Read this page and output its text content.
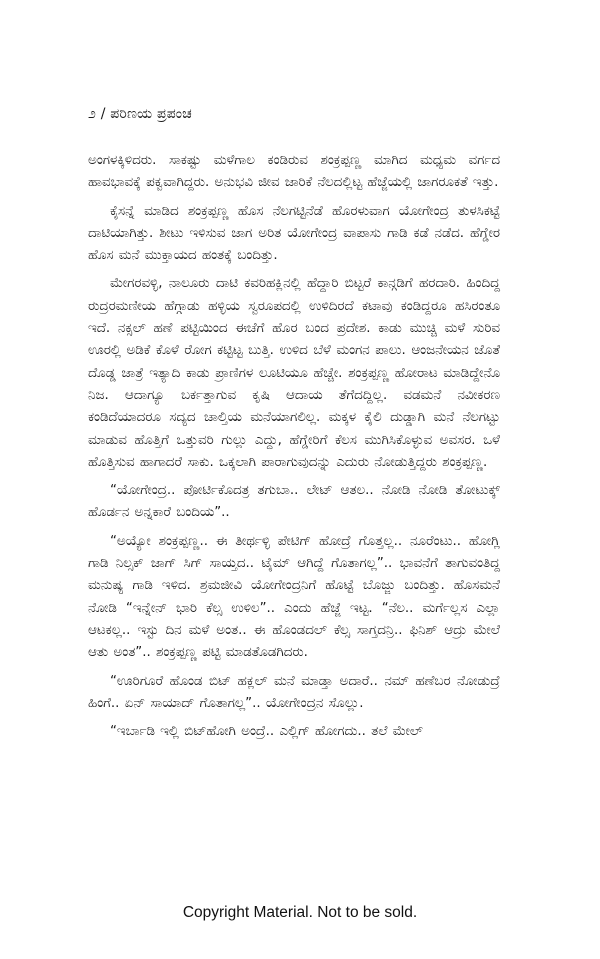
೨ / ಪರಿಣಯ ಪ್ರಪಂಚ

ಅಂಗಳಕ್ಕಿಳಿದರು. ಸಾಕಷ್ಟು ಮಳೆಗಾಲ ಕಂಡಿರುವ ಶಂಕ್ರಪ್ಪಣ್ಣ ಮಾಗಿದ ಮಧ್ಯಮ ವರ್ಗದ ಹಾವಭಾವಕ್ಕೆ ಪಕ್ವವಾಗಿದ್ದರು. ಅನುಭವಿ ಜೀವ ಜಾರಿಕೆ ನೆಲದಲ್ಲಿಟ್ಟ ಹೆಜ್ಜೆಯಲ್ಲಿ ಜಾಗರೂಕತೆ ಇತ್ತು.

ಕೈಸನ್ನೆ ಮಾಡಿದ ಶಂಕ್ರಪ್ಪಣ್ಣ ಹೊಸ ನೆಲಗಟ್ಟಿನೆಡೆ ಹೊರಳುವಾಗ ಯೋಗೇಂದ್ರ ತುಳಸಿಕಟ್ಟೆ ದಾಟಿಯಾಗಿತ್ತು. ಶೀಟು ಇಳಿಸುವ ಜಾಗ ಅರಿತ ಯೋಗೇಂದ್ರ ವಾಪಾಸು ಗಾಡಿ ಕಡೆ ನಡೆದ. ಹೆಗ್ಡೇರ ಹೊಸ ಮನೆ ಮುಕ್ತಾಯದ ಹಂತಕ್ಕೆ ಬಂದಿತ್ತು.

ಮೇಗರವಳ್ಳಿ, ನಾಲೂರು ದಾಟಿ ಕವರಿಹಕ್ಲಿನಲ್ಲಿ ಹೆದ್ದಾರಿ ಬಿಟ್ಟರೆ ಕಾನ್ಗಡಿಗೆ ಹರದಾರಿ. ಹಿಂದಿದ್ದ ರುದ್ರರಮಣೀಯ ಹೆಗ್ಗಾಡು ಹಳ್ಳಿಯ ಸ್ವರೂಪದಲ್ಲಿ ಉಳಿದಿರದೆ ಕಟಾವು ಕಂಡಿದ್ದರೂ ಹಸಿರಂತೂ ಇದೆ. ನಕ್ಸಲ್ ಹಣೆ ಪಟ್ಟಿಯಿಂದ ಈಚೆಗೆ ಹೊರ ಬಂದ ಪ್ರದೇಶ. ಕಾಡು ಮುಚ್ಚಿ ಮಳೆ ಸುರಿವ ಊರಲ್ಲಿ ಅಡಿಕೆ ಕೊಳೆ ರೋಗ ಕಟ್ಟಿಟ್ಟ ಬುತ್ತಿ. ಉಳಿದ ಬೆಳೆ ಮಂಗನ ಪಾಲು. ಆಂಜನೇಯನ ಜೊತೆ ದೊಡ್ಡ ಜಾತ್ರೆ ಇತ್ಯಾದಿ ಕಾಡು ಪ್ರಾಣಿಗಳ ಲೂಟಿಯೂ ಹೆಚ್ಚೇ. ಶಂಕ್ರಪ್ಪಣ್ಣ ಹೋರಾಟ ಮಾಡಿದ್ದೇನೊ ನಿಜ. ಆದಾಗ್ಯೂ ಬರ್ಕತ್ತಾಗುವ ಕೃಷಿ ಆದಾಯ ತೆಗೆದದ್ದಿಲ್ಲ. ವಡಮನೆ ನವೀಕರಣ ಕಂಡಿದೆಯಾದರೂ ಸದ್ಯದ ಚಾಲ್ತಿಯ ಮನೆಯಾಗಲಿಲ್ಲ. ಮಕ್ಕಳ ಕೈಲಿ ದುಡ್ಡಾಗಿ ಮನೆ ನೆಲಗಟ್ಟು ಮಾಡುವ ಹೊತ್ತಿಗೆ ಒತ್ತುವರಿ ಗುಲ್ಲು ಎದ್ದು, ಹೆಗ್ಡೇರಿಗೆ ಕೆಲಸ ಮುಗಿಸಿಕೊಳ್ಳುವ ಅವಸರ. ಒಳೆ ಹೊತ್ತಿಸುವ ಹಾಗಾದರೆ ಸಾಕು. ಒಕ್ಕಲಾಗಿ ಪಾರಾಗುವುದನ್ನು ಎದುರು ನೋಡುತ್ತಿದ್ದರು ಶಂಕ್ರಪ್ಪಣ್ಣ.

“ಯೋಗೇಂದ್ರ.. ಪೋರ್ಟಿಕೊದತ್ರ ತಗುಬಾ.. ಲೇಟ್ ಆತಲ.. ನೋಡಿ ನೋಡಿ ತೋಟುಕ್ಕ್ ಹೊರ್ಡನ ಅನ್ನಕಾರೆ ಬಂದಿಯ”..

“ಅಯ್ಯೋ ಶಂಕ್ರಪ್ಪಣ್ಣ.. ಈ ತೀರ್ಥಳ್ಳಿ ಪೇಟಿಗ್ ಹೋದ್ರೆ ಗೊತ್ತಲ್ಲ.. ನೂರೆಂಟು.. ಹೋಗ್ಲಿ ಗಾಡಿ ನಿಲ್ಸಕ್ ಜಾಗ್ ಸಿಗ್ ಸಾಯ್ತದ.. ಟೈಮ್ ಆಗಿದ್ದೆ ಗೊತಾಗಲ್ಲ”.. ಭಾವನೆಗೆ ತಾಗುವಂತಿದ್ದ ಮನುಷ್ಯ ಗಾಡಿ ಇಳಿದ. ಶ್ರಮಜೀವಿ ಯೋಗೇಂದ್ರನಿಗೆ ಹೊಟ್ಟೆ ಬೊಜ್ಜು ಬಂದಿತ್ತು. ಹೊಸಮನೆ ನೋಡಿ “ಇನ್ನೇನ್ ಭಾರಿ ಕೆಲ್ಸ ಉಳಿಲ”.. ಎಂದು ಹೆಜ್ಜೆ ಇಟ್ಟ. “ನೆಲ.. ಮರ್ಗೆಲ್ಲಸ ಎಲ್ಲಾ ಆಟಕಲ್ಲ.. ಇಸ್ಟು ದಿನ ಮಳೆ ಅಂತ.. ಈ ಹೊಂಡದಲ್ ಕೆಲ್ಸ ಸಾಗ್ತದನ್ರಿ.. ಫಿನಿಶ್ ಆದ್ರು ಮೇಲೆ ಆತು ಅಂತ”.. ಶಂಕ್ರಪ್ಪಣ್ಣ ಪಟ್ಟಿ ಮಾಡತೊಡಗಿದರು.

“ಊರಿಗೂರೆ ಹೊಂಡ ಬಿಟ್ ಹಕ್ಲಲ್ ಮನೆ ಮಾಡ್ತಾ ಅದಾರೆ.. ನಮ್ ಹಣೆಬರ ನೋಡುದ್ರೆ ಹಿಂಗೆ.. ಏನ್ ಸಾಯಾದ್ ಗೊತಾಗಲ್ಲ”.. ಯೋಗೇಂದ್ರನ ಸೊಲ್ಲು.

“ಇರ್ಬಾಡಿ ಇಲ್ಲಿ ಬಿಟ್‌ಹೋಗಿ ಅಂದ್ರೆ.. ಎಲ್ಲಿಗ್ ಹೋಗದು.. ತಲೆ ಮೇಲ್

Copyright Material. Not to be sold.
